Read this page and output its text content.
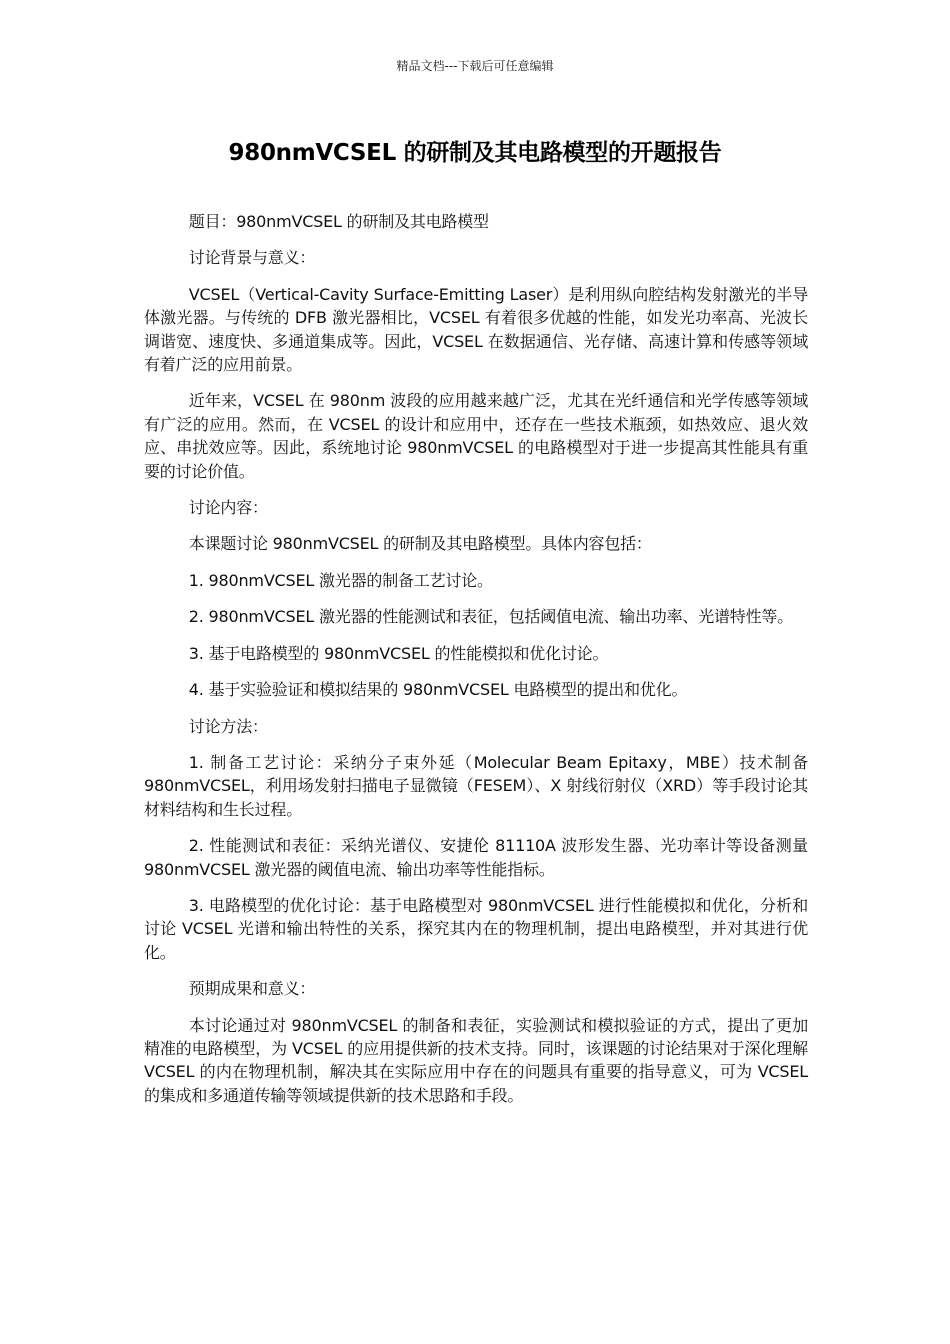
精品文档---下载后可任意编辑
980nmVCSEL 的研制及其电路模型的开题报告

题目：980nmVCSEL 的研制及其电路模型

讨论背景与意义：

VCSEL（Vertical-Cavity Surface-Emitting Laser）是利用纵向腔结构发射激光的半导体激光器。与传统的 DFB 激光器相比，VCSEL 有着很多优越的性能，如发光功率高、光波长调谐宽、速度快、多通道集成等。因此，VCSEL 在数据通信、光存储、高速计算和传感等领域有着广泛的应用前景。

近年来，VCSEL 在 980nm 波段的应用越来越广泛，尤其在光纤通信和光学传感等领域有广泛的应用。然而，在 VCSEL 的设计和应用中，还存在一些技术瓶颈，如热效应、退火效应、串扰效应等。因此，系统地讨论 980nmVCSEL 的电路模型对于进一步提高其性能具有重要的讨论价值。

讨论内容：

本课题讨论 980nmVCSEL 的研制及其电路模型。具体内容包括：

1. 980nmVCSEL 激光器的制备工艺讨论。

2. 980nmVCSEL 激光器的性能测试和表征，包括阈值电流、输出功率、光谱特性等。

3. 基于电路模型的 980nmVCSEL 的性能模拟和优化讨论。

4. 基于实验验证和模拟结果的 980nmVCSEL 电路模型的提出和优化。

讨论方法：

1. 制备工艺讨论：采纳分子束外延（Molecular Beam Epitaxy，MBE）技术制备 980nmVCSEL，利用场发射扫描电子显微镜（FESEM）、X 射线衍射仪（XRD）等手段讨论其材料结构和生长过程。

2. 性能测试和表征：采纳光谱仪、安捷伦 81110A 波形发生器、光功率计等设备测量 980nmVCSEL 激光器的阈值电流、输出功率等性能指标。

3. 电路模型的优化讨论：基于电路模型对 980nmVCSEL 进行性能模拟和优化，分析和讨论 VCSEL 光谱和输出特性的关系，探究其内在的物理机制，提出电路模型，并对其进行优化。

预期成果和意义：

本讨论通过对 980nmVCSEL 的制备和表征，实验测试和模拟验证的方式，提出了更加精准的电路模型，为 VCSEL 的应用提供新的技术支持。同时，该课题的讨论结果对于深化理解 VCSEL 的内在物理机制，解决其在实际应用中存在的问题具有重要的指导意义，可为 VCSEL 的集成和多通道传输等领域提供新的技术思路和手段。
